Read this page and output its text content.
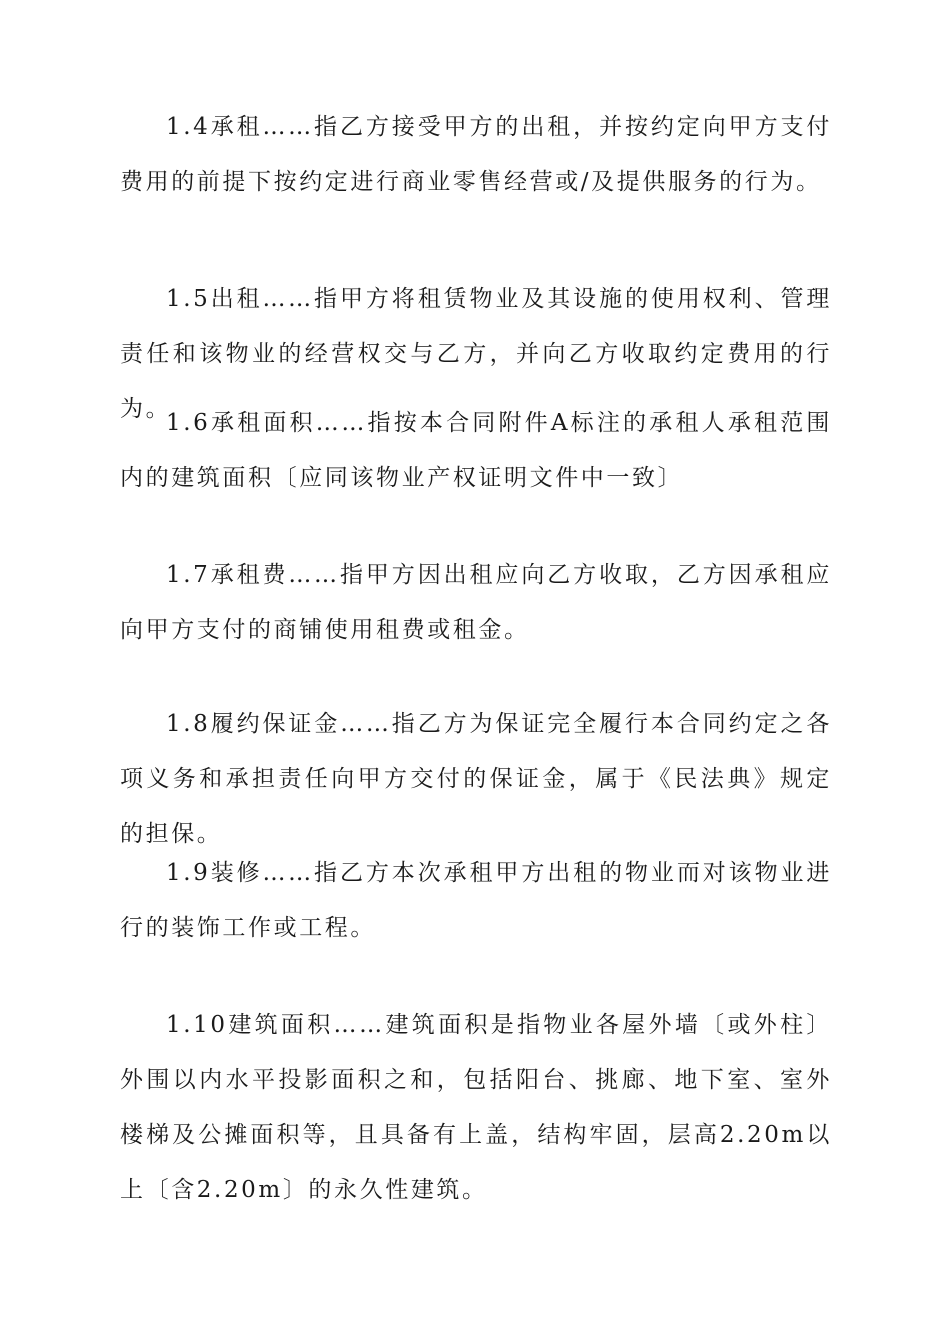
1.4承租……指乙方接受甲方的出租，并按约定向甲方支付费用的前提下按约定进行商业零售经营或/及提供服务的行为。

1.5出租……指甲方将租赁物业及其设施的使用权利、管理责任和该物业的经营权交与乙方，并向乙方收取约定费用的行为。

1.6承租面积……指按本合同附件A标注的承租人承租范围内的建筑面积〔应同该物业产权证明文件中一致〕

1.7承租费……指甲方因出租应向乙方收取，乙方因承租应向甲方支付的商铺使用租费或租金。

1.8履约保证金……指乙方为保证完全履行本合同约定之各项义务和承担责任向甲方交付的保证金，属于《民法典》规定的担保。

1.9装修……指乙方本次承租甲方出租的物业而对该物业进行的装饰工作或工程。

1.10建筑面积……建筑面积是指物业各屋外墙〔或外柱〕外围以内水平投影面积之和，包括阳台、挑廊、地下室、室外楼梯及公摊面积等，且具备有上盖，结构牢固，层高2.20m以上〔含2.20m〕的永久性建筑。
